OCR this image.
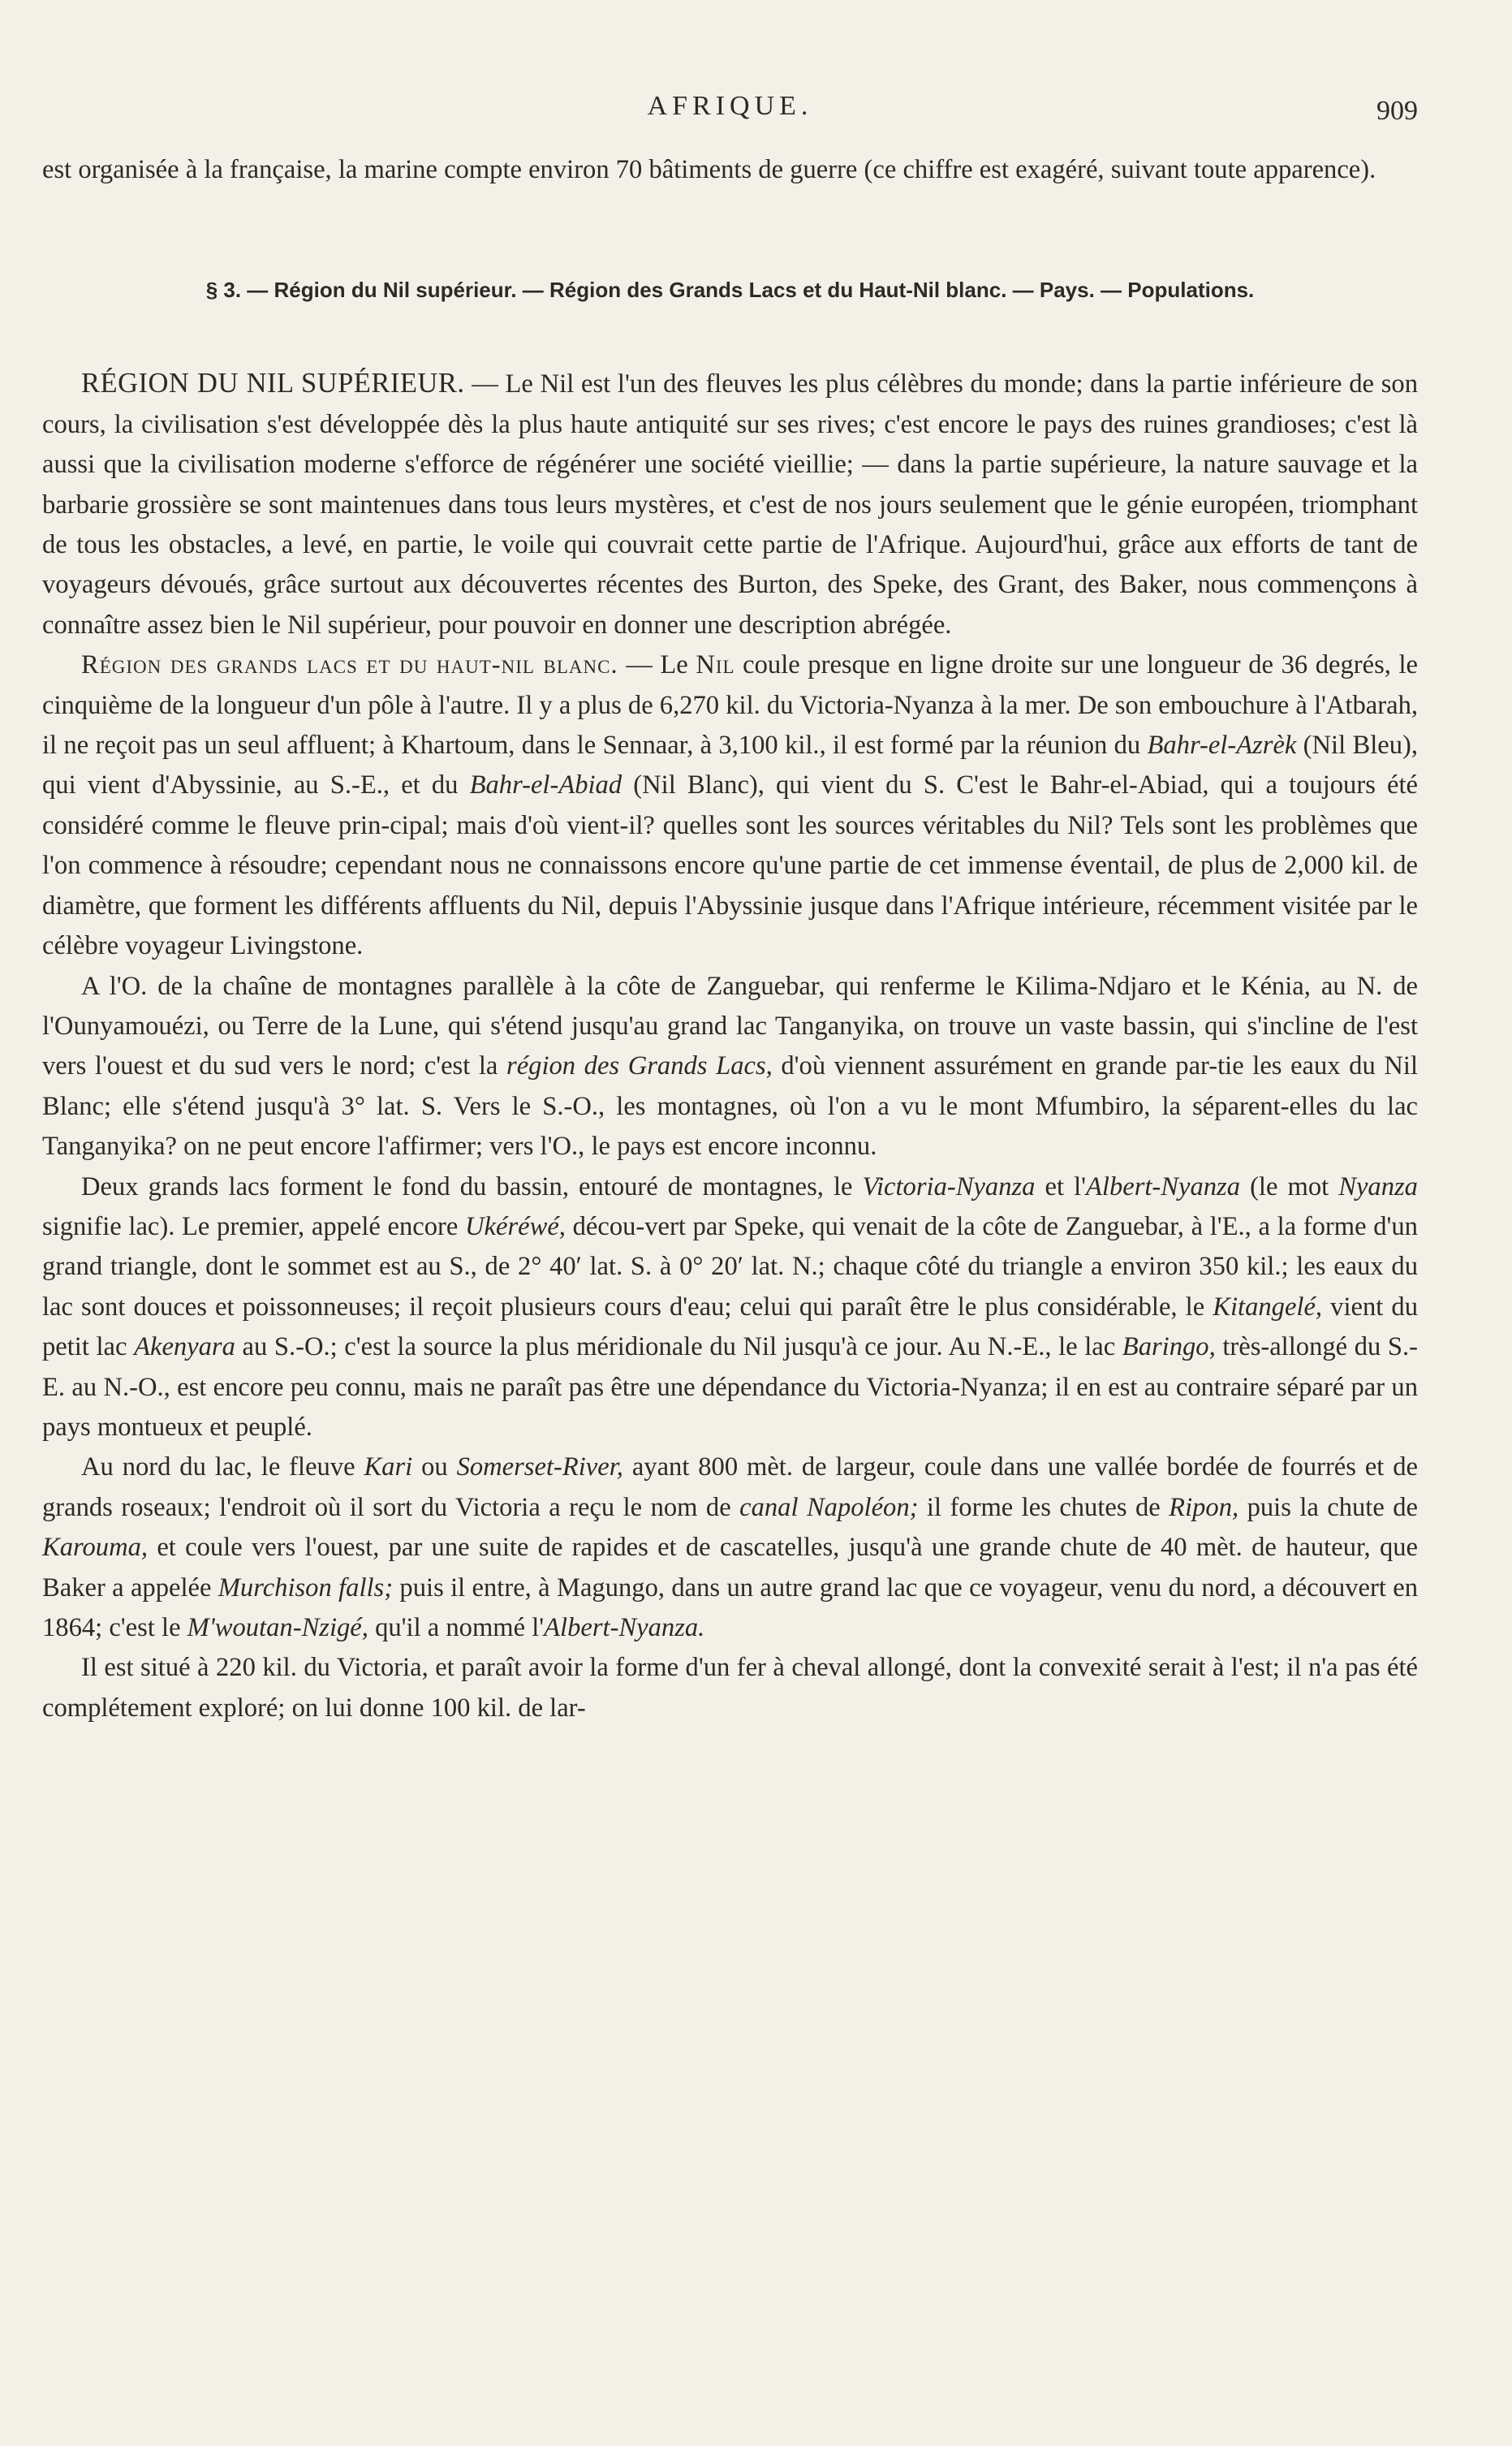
AFRIQUE.	909

est organisée à la française, la marine compte environ 70 bâtiments de guerre (ce chiffre est exagéré, suivant toute apparence).

§ 3. — Région du Nil supérieur. — Région des Grands Lacs et du Haut-Nil blanc. — Pays. — Populations.

RÉGION DU NIL SUPÉRIEUR. — Le Nil est l'un des fleuves les plus célèbres du monde; dans la partie inférieure de son cours, la civilisation s'est développée dès la plus haute antiquité sur ses rives; c'est encore le pays des ruines grandioses; c'est là aussi que la civilisation moderne s'efforce de régénérer une société vieillie; — dans la partie supérieure, la nature sauvage et la barbarie grossière se sont maintenues dans tous leurs mystères, et c'est de nos jours seulement que le génie européen, triomphant de tous les obstacles, a levé, en partie, le voile qui couvrait cette partie de l'Afrique. Aujourd'hui, grâce aux efforts de tant de voyageurs dévoués, grâce surtout aux découvertes récentes des Burton, des Speke, des Grant, des Baker, nous commençons à connaître assez bien le Nil supérieur, pour pouvoir en donner une description abrégée.

Région des grands lacs et du haut-nil blanc. — Le Nil coule presque en ligne droite sur une longueur de 36 degrés, le cinquième de la longueur d'un pôle à l'autre. Il y a plus de 6,270 kil. du Victoria-Nyanza à la mer. De son embouchure à l'Atbarah, il ne reçoit pas un seul affluent; à Khartoum, dans le Sennaar, à 3,100 kil., il est formé par la réunion du Bahr-el-Azrèk (Nil Bleu), qui vient d'Abyssinie, au S.-E., et du Bahr-el-Abiad (Nil Blanc), qui vient du S. C'est le Bahr-el-Abiad, qui a toujours été considéré comme le fleuve prin-cipal; mais d'où vient-il? quelles sont les sources véritables du Nil? Tels sont les problèmes que l'on commence à résoudre; cependant nous ne connaissons encore qu'une partie de cet immense éventail, de plus de 2,000 kil. de diamètre, que forment les différents affluents du Nil, depuis l'Abyssinie jusque dans l'Afrique intérieure, récemment visitée par le célèbre voyageur Livingstone.

A l'O. de la chaîne de montagnes parallèle à la côte de Zanguebar, qui renferme le Kilima-Ndjaro et le Kénia, au N. de l'Ounyamouézi, ou Terre de la Lune, qui s'étend jusqu'au grand lac Tanganyika, on trouve un vaste bassin, qui s'incline de l'est vers l'ouest et du sud vers le nord; c'est la région des Grands Lacs, d'où viennent assurément en grande par-tie les eaux du Nil Blanc; elle s'étend jusqu'à 3° lat. S. Vers le S.-O., les montagnes, où l'on a vu le mont Mfumbiro, la séparent-elles du lac Tanganyika? on ne peut encore l'affirmer; vers l'O., le pays est encore inconnu.

Deux grands lacs forment le fond du bassin, entouré de montagnes, le Victoria-Nyanza et l'Albert-Nyanza (le mot Nyanza signifie lac). Le premier, appelé encore Ukéréwé, décou-vert par Speke, qui venait de la côte de Zanguebar, à l'E., a la forme d'un grand triangle, dont le sommet est au S., de 2° 40′ lat. S. à 0° 20′ lat. N.; chaque côté du triangle a environ 350 kil.; les eaux du lac sont douces et poissonneuses; il reçoit plusieurs cours d'eau; celui qui paraît être le plus considérable, le Kitangelé, vient du petit lac Akenyara au S.-O.; c'est la source la plus méridionale du Nil jusqu'à ce jour. Au N.-E., le lac Baringo, très-allongé du S.-E. au N.-O., est encore peu connu, mais ne paraît pas être une dépendance du Victoria-Nyanza; il en est au contraire séparé par un pays montueux et peuplé.

Au nord du lac, le fleuve Kari ou Somerset-River, ayant 800 mèt. de largeur, coule dans une vallée bordée de fourrés et de grands roseaux; l'endroit où il sort du Victoria a reçu le nom de canal Napoléon; il forme les chutes de Ripon, puis la chute de Karouma, et coule vers l'ouest, par une suite de rapides et de cascatelles, jusqu'à une grande chute de 40 mèt. de hauteur, que Baker a appelée Murchison falls; puis il entre, à Magungo, dans un autre grand lac que ce voyageur, venu du nord, a découvert en 1864; c'est le M'woutan-Nzigé, qu'il a nommé l'Albert-Nyanza.

Il est situé à 220 kil. du Victoria, et paraît avoir la forme d'un fer à cheval allongé, dont la convexité serait à l'est; il n'a pas été complétement exploré; on lui donne 100 kil. de lar-
